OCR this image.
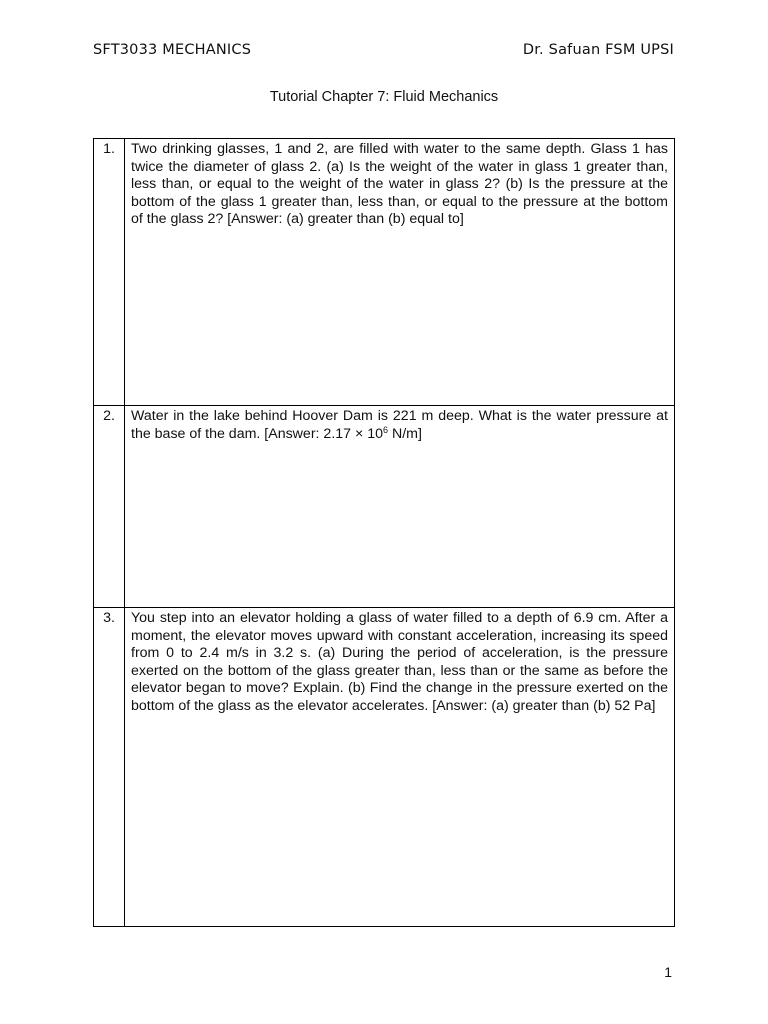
SFT3033 MECHANICS	Dr. Safuan FSM UPSI
Tutorial Chapter 7: Fluid Mechanics
1.	Two drinking glasses, 1 and 2, are filled with water to the same depth. Glass 1 has twice the diameter of glass 2. (a) Is the weight of the water in glass 1 greater than, less than, or equal to the weight of the water in glass 2? (b) Is the pressure at the bottom of the glass 1 greater than, less than, or equal to the pressure at the bottom of the glass 2? [Answer: (a) greater than (b) equal to]
2.	Water in the lake behind Hoover Dam is 221 m deep. What is the water pressure at the base of the dam. [Answer: $2.17 \times 10^6$ N/m]
3.	You step into an elevator holding a glass of water filled to a depth of 6.9 cm. After a moment, the elevator moves upward with constant acceleration, increasing its speed from 0 to 2.4 m/s in 3.2 s. (a) During the period of acceleration, is the pressure exerted on the bottom of the glass greater than, less than or the same as before the elevator began to move? Explain. (b) Find the change in the pressure exerted on the bottom of the glass as the elevator accelerates. [Answer: (a) greater than (b) 52 Pa]
1
